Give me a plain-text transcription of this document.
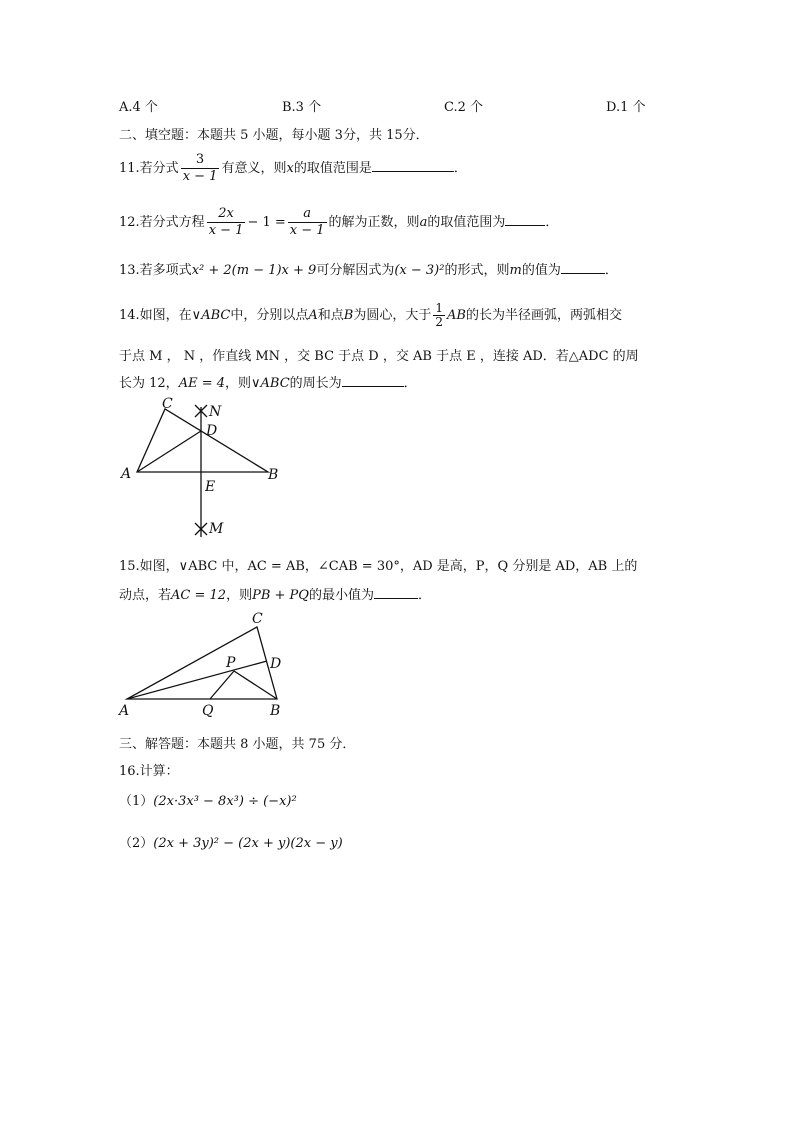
A.4 个	B.3 个	C.2 个	D.1 个
二、填空题：本题共 5 小题，每小题 3分，共 15分．
11.若分式 $\frac{3}{x - 1}$ 有意义，则x的取值范围是	．
12.若分式方程 $\frac{2x}{x - 1} - 1 = \frac{a}{x - 1}$ 的解为正数，则a的取值范围为	．
13.若多项式x² + 2(m − 1)x + 9可分解因式为(x − 3)²的形式，则m的值为	．
14.如图，在∨ABC中，分别以点A和点B为圆心，大于 $\frac{1}{2}$ AB的长为半径画弧，两弧相交
于点 M ， N ，作直线 MN ，交 BC 于点 D ，交 AB 于点 E ，连接 AD．若△ADC 的周
长为 12，AE = 4，则∨ABC的周长为	．
C	N
D
A	B
E
M
15.如图，∨ABC 中，AC = AB，∠CAB = 30°，AD 是高，P，Q 分别是 AD，AB 上的
动点，若AC = 12，则PB + PQ的最小值为	．
C
P D
A	Q	B
三、解答题：本题共 8 小题，共 75 分．
16.计算：
（1）(2x·3x³ − 8x³) ÷ (−x)²
（2）(2x + 3y)² − (2x + y)(2x − y)
